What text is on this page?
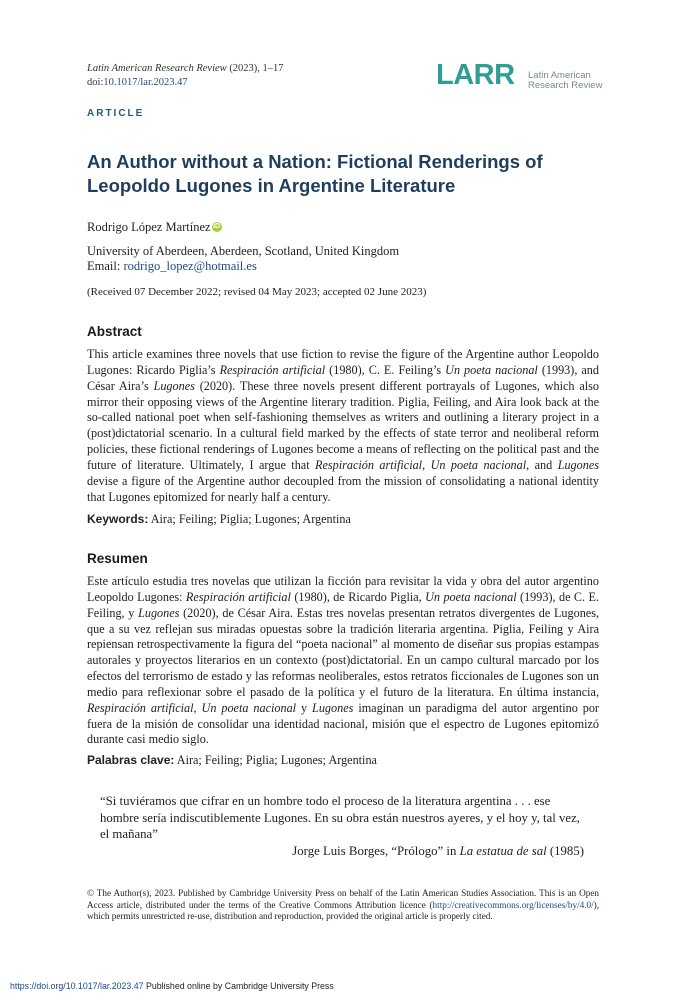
Latin American Research Review (2023), 1–17
doi:10.1017/lar.2023.47	LARR Latin American
Research Review
ARTICLE
An Author without a Nation: Fictional Renderings of
Leopoldo Lugones in Argentine Literature
Rodrigo López Martínez iD
University of Aberdeen, Aberdeen, Scotland, United Kingdom
Email: rodrigo_lopez@hotmail.es
(Received 07 December 2022; revised 04 May 2023; accepted 02 June 2023)
Abstract

This article examines three novels that use fiction to revise the figure of the Argentine author Leopoldo Lugones: Ricardo Piglia’s Respiración artificial (1980), C. E. Feiling’s Un poeta nacional (1993), and César Aira’s Lugones (2020). These three novels present different portrayals of Lugones, which also mirror their opposing views of the Argentine literary tradition. Piglia, Feiling, and Aira look back at the so-called national poet when self-fashioning themselves as writers and outlining a literary project in a (post)dictatorial scenario. In a cultural field marked by the effects of state terror and neoliberal reform policies, these fictional renderings of Lugones become a means of reflecting on the political past and the future of literature. Ultimately, I argue that Respiración artificial, Un poeta nacional, and Lugones devise a figure of the Argentine author decoupled from the mission of consolidating a national identity that Lugones epitomized for nearly half a century.

Keywords: Aira; Feiling; Piglia; Lugones; Argentina
Resumen

Este artículo estudia tres novelas que utilizan la ficción para revisitar la vida y obra del autor argentino Leopoldo Lugones: Respiración artificial (1980), de Ricardo Piglia, Un poeta nacional (1993), de C. E. Feiling, y Lugones (2020), de César Aira. Estas tres novelas presentan retratos divergentes de Lugones, que a su vez reflejan sus miradas opuestas sobre la tradición literaria argentina. Piglia, Feiling y Aira repiensan retrospectivamente la figura del “poeta nacional” al momento de diseñar sus propias estampas autorales y proyectos literarios en un contexto (post)dictatorial. En un campo cultural marcado por los efectos del terrorismo de estado y las reformas neoliberales, estos retratos ficcionales de Lugones son un medio para reflexionar sobre el pasado de la política y el futuro de la literatura. En última instancia, Respiración artificial, Un poeta nacional y Lugones imaginan un paradigma del autor argentino por fuera de la misión de consolidar una identidad nacional, misión que el espectro de Lugones epitomizó durante casi medio siglo.

Palabras clave: Aira; Feiling; Piglia; Lugones; Argentina
“Si tuviéramos que cifrar en un hombre todo el proceso de la literatura argentina . . . ese hombre sería indiscutiblemente Lugones. En su obra están nuestros ayeres, y el hoy y, tal vez, el mañana”
Jorge Luis Borges, “Prólogo” in La estatua de sal (1985)
© The Author(s), 2023. Published by Cambridge University Press on behalf of the Latin American Studies Association. This is an Open Access article, distributed under the terms of the Creative Commons Attribution licence (http://creativecommons.org/licenses/by/4.0/), which permits unrestricted re-use, distribution and reproduction, provided the original article is properly cited.
https://doi.org/10.1017/lar.2023.47 Published online by Cambridge University Press
